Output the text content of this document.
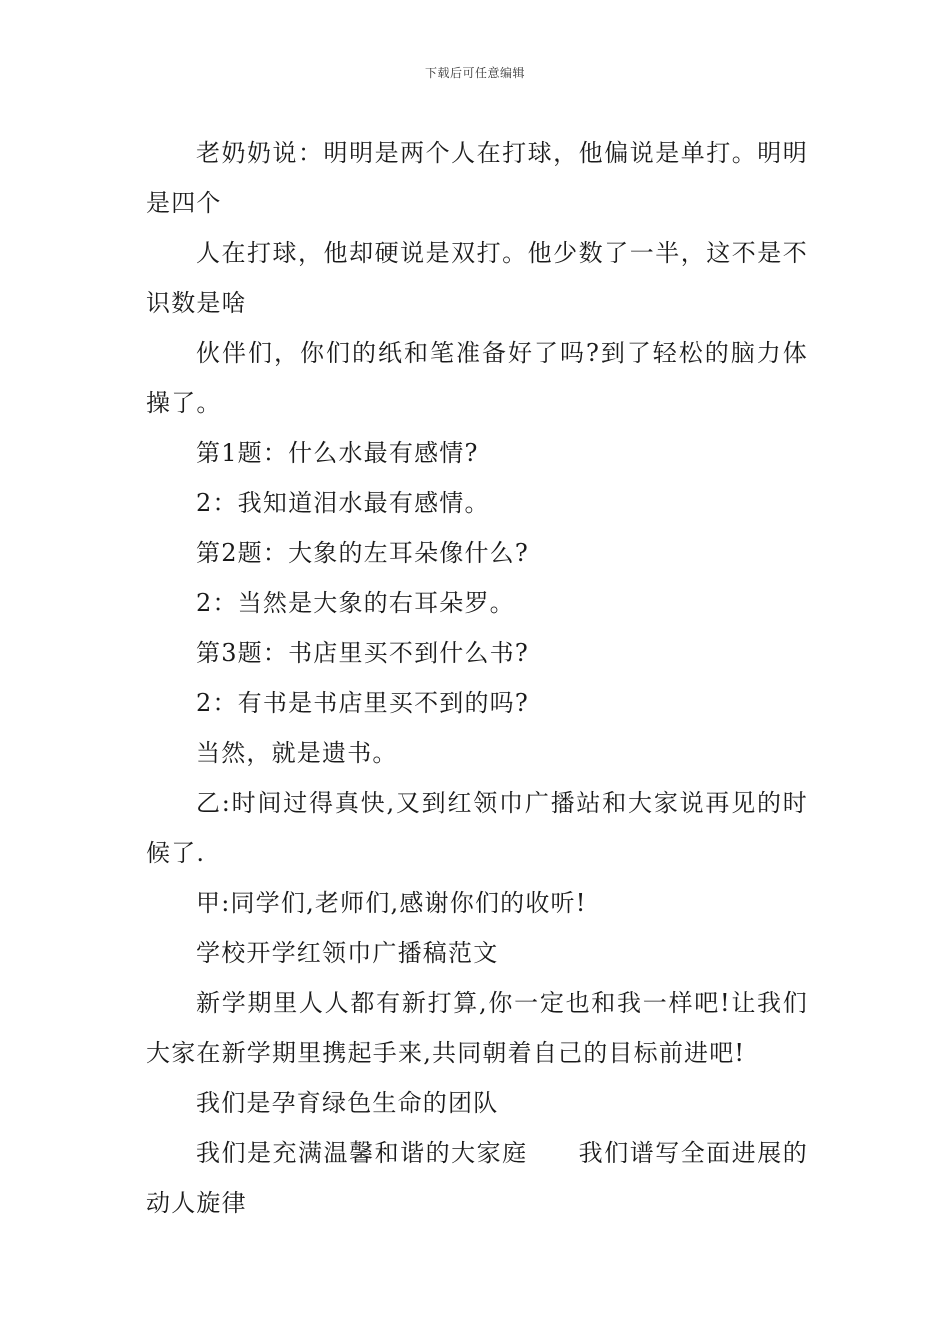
下载后可任意编辑

老奶奶说：明明是两个人在打球，他偏说是单打。明明是四个

人在打球，他却硬说是双打。他少数了一半，这不是不识数是啥

伙伴们，你们的纸和笔准备好了吗?到了轻松的脑力体操了。

第1题：什么水最有感情?

2：我知道泪水最有感情。

第2题：大象的左耳朵像什么?

2：当然是大象的右耳朵罗。

第3题：书店里买不到什么书?

2：有书是书店里买不到的吗?

当然，就是遗书。

乙:时间过得真快,又到红领巾广播站和大家说再见的时候了.

甲:同学们,老师们,感谢你们的收听!

学校开学红领巾广播稿范文

新学期里人人都有新打算,你一定也和我一样吧!让我们大家在新学期里携起手来,共同朝着自己的目标前进吧!

我们是孕育绿色生命的团队

我们是充满温馨和谐的大家庭　　我们谱写全面进展的动人旋律
